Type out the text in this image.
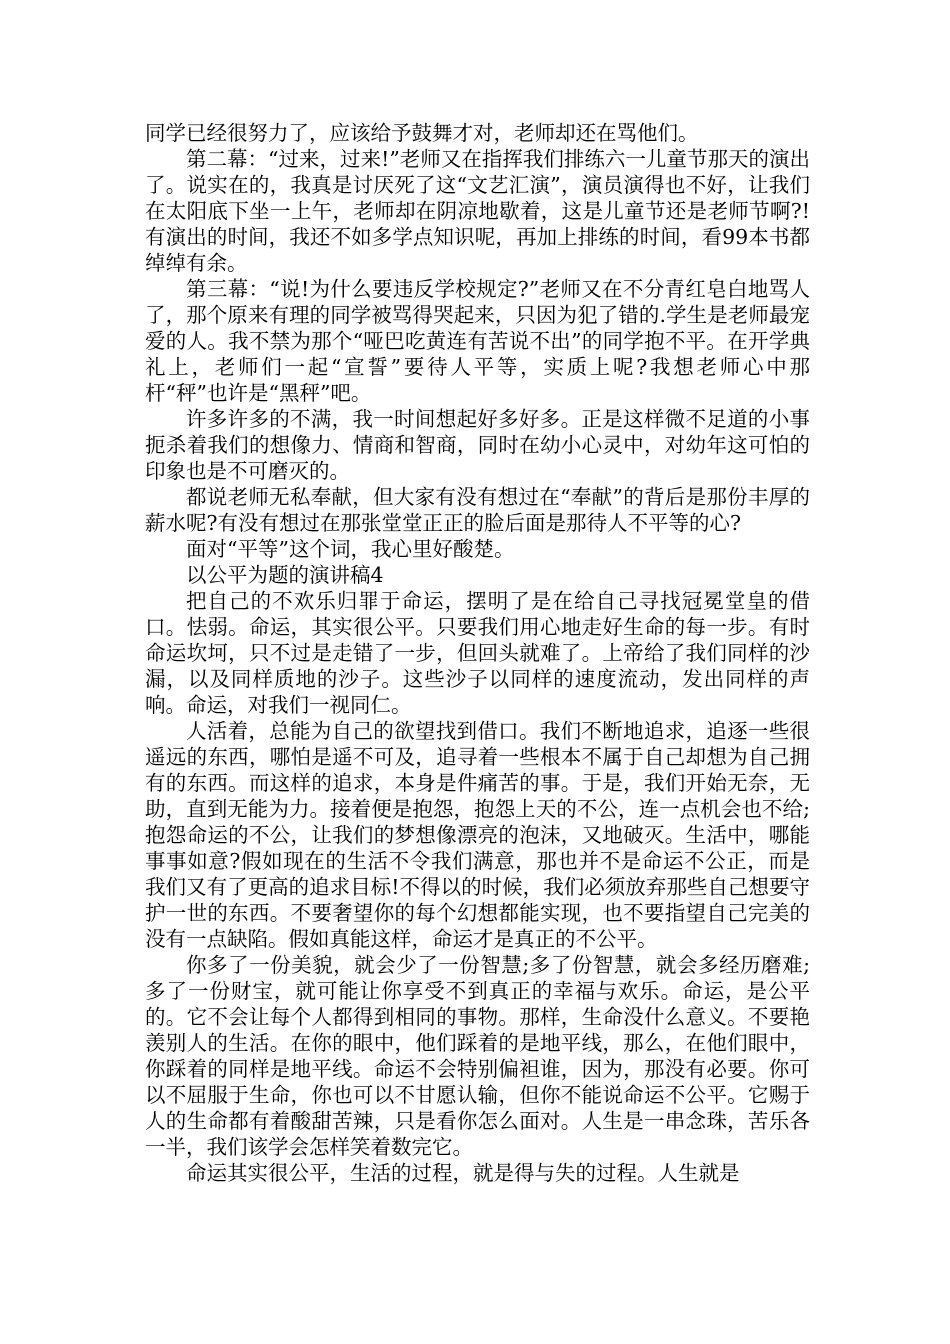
同学已经很努力了，应该给予鼓舞才对，老师却还在骂他们。

第二幕：“过来，过来!”老师又在指挥我们排练六一儿童节那天的演出了。说实在的，我真是讨厌死了这“文艺汇演”，演员演得也不好，让我们在太阳底下坐一上午，老师却在阴凉地歇着，这是儿童节还是老师节啊?!有演出的时间，我还不如多学点知识呢，再加上排练的时间，看99本书都绰绰有余。

第三幕：“说!为什么要违反学校规定?”老师又在不分青红皂白地骂人了，那个原来有理的同学被骂得哭起来，只因为犯了错的.学生是老师最宠爱的人。我不禁为那个“哑巴吃黄连有苦说不出”的同学抱不平。在开学典礼上，老师们一起“宣誓”要待人平等，实质上呢?我想老师心中那杆“秤”也许是“黑秤”吧。

许多许多的不满，我一时间想起好多好多。正是这样微不足道的小事扼杀着我们的想像力、情商和智商，同时在幼小心灵中，对幼年这可怕的印象也是不可磨灭的。

都说老师无私奉献，但大家有没有想过在“奉献”的背后是那份丰厚的薪水呢?有没有想过在那张堂堂正正的脸后面是那待人不平等的心?

面对“平等”这个词，我心里好酸楚。

以公平为题的演讲稿4

把自己的不欢乐归罪于命运，摆明了是在给自己寻找冠冕堂皇的借口。怯弱。命运，其实很公平。只要我们用心地走好生命的每一步。有时命运坎坷，只不过是走错了一步，但回头就难了。上帝给了我们同样的沙漏，以及同样质地的沙子。这些沙子以同样的速度流动，发出同样的声响。命运，对我们一视同仁。

人活着，总能为自己的欲望找到借口。我们不断地追求，追逐一些很遥远的东西，哪怕是遥不可及，追寻着一些根本不属于自己却想为自己拥有的东西。而这样的追求，本身是件痛苦的事。于是，我们开始无奈，无助，直到无能为力。接着便是抱怨，抱怨上天的不公，连一点机会也不给;抱怨命运的不公，让我们的梦想像漂亮的泡沫，又地破灭。生活中，哪能事事如意?假如现在的生活不令我们满意，那也并不是命运不公正，而是我们又有了更高的追求目标!不得以的时候，我们必须放弃那些自己想要守护一世的东西。不要奢望你的每个幻想都能实现，也不要指望自己完美的没有一点缺陷。假如真能这样，命运才是真正的不公平。

你多了一份美貌，就会少了一份智慧;多了份智慧，就会多经历磨难;多了一份财宝，就可能让你享受不到真正的幸福与欢乐。命运，是公平的。它不会让每个人都得到相同的事物。那样，生命没什么意义。不要艳羡别人的生活。在你的眼中，他们踩着的是地平线，那么，在他们眼中，你踩着的同样是地平线。命运不会特别偏袒谁，因为，那没有必要。你可以不屈服于生命，你也可以不甘愿认输，但你不能说命运不公平。它赐于人的生命都有着酸甜苦辣，只是看你怎么面对。人生是一串念珠，苦乐各一半，我们该学会怎样笑着数完它。

命运其实很公平，生活的过程，就是得与失的过程。人生就是
